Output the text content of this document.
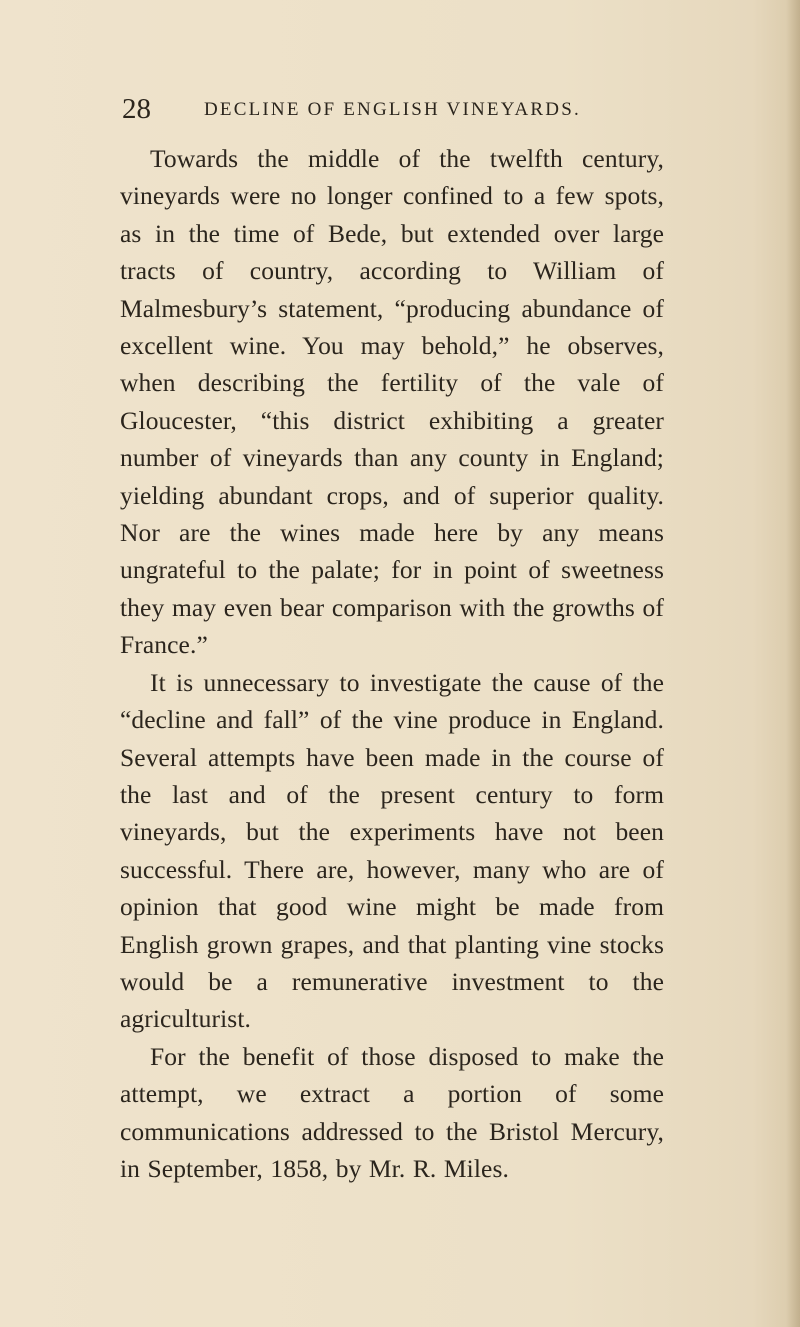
28	DECLINE OF ENGLISH VINEYARDS.

Towards the middle of the twelfth century, vineyards were no longer confined to a few spots, as in the time of Bede, but extended over large tracts of country, according to William of Malmesbury’s statement, “producing abundance of excellent wine. You may behold,” he observes, when describing the fertility of the vale of Gloucester, “this district exhibiting a greater number of vineyards than any county in England; yielding abundant crops, and of superior quality. Nor are the wines made here by any means ungrateful to the palate; for in point of sweetness they may even bear comparison with the growths of France.”

It is unnecessary to investigate the cause of the “decline and fall” of the vine produce in England. Several attempts have been made in the course of the last and of the present century to form vineyards, but the experiments have not been successful. There are, however, many who are of opinion that good wine might be made from English grown grapes, and that planting vine stocks would be a remunerative investment to the agriculturist.

For the benefit of those disposed to make the attempt, we extract a portion of some communications addressed to the Bristol Mercury, in September, 1858, by Mr. R. Miles.
